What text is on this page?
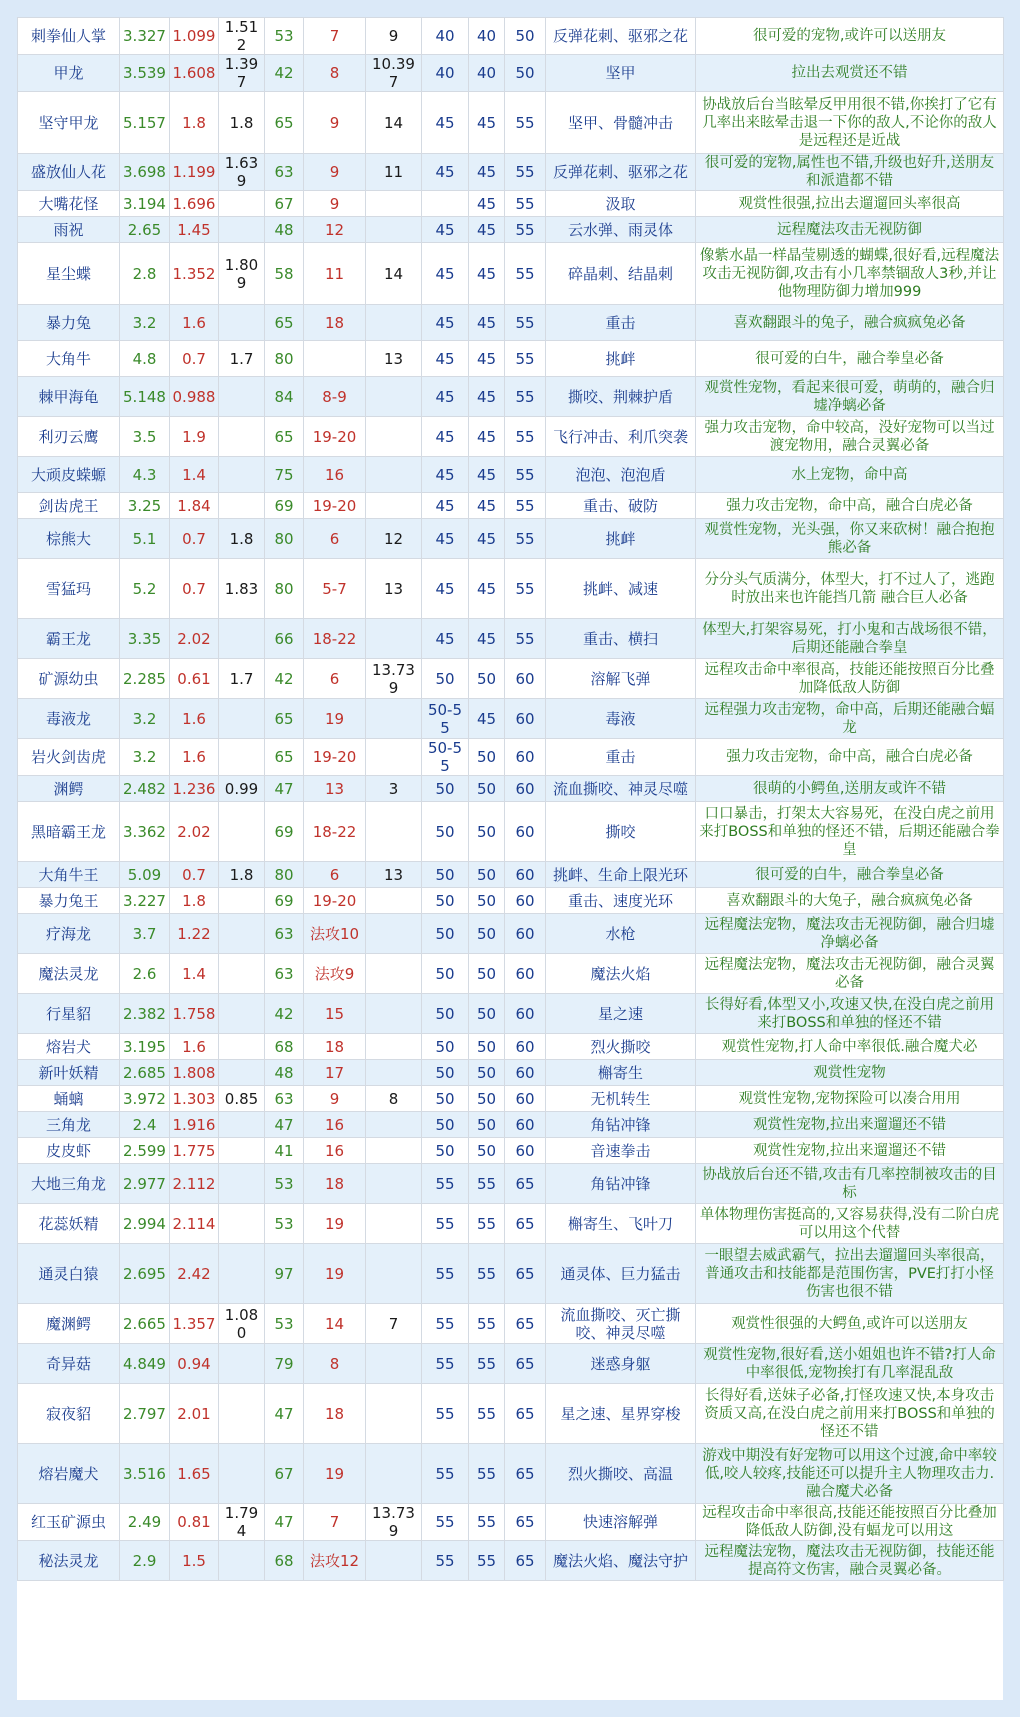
刺拳仙人掌	3.327	1.099	1.512	53	7	9	40	40	50	反弹花刺、驱邪之花	很可爱的宠物,或许可以送朋友
甲龙	3.539	1.608	1.397	42	8	10.397	40	40	50	坚甲	拉出去观赏还不错
坚守甲龙	5.157	1.8	1.8	65	9	14	45	45	55	坚甲、骨髓冲击	协战放后台当眩晕反甲用很不错,你挨打了它有几率出来眩晕击退一下你的敌人,不论你的敌人是远程还是近战
盛放仙人花	3.698	1.199	1.639	63	9	11	45	45	55	反弹花刺、驱邪之花	很可爱的宠物,属性也不错,升级也好升,送朋友和派遣都不错
大嘴花怪	3.194	1.696		67	9			45	55	汲取	观赏性很强,拉出去遛遛回头率很高
雨祝	2.65	1.45		48	12		45	45	55	云水弹、雨灵体	远程魔法攻击无视防御
星尘蝶	2.8	1.352	1.809	58	11	14	45	45	55	碎晶刺、结晶刺	像紫水晶一样晶莹剔透的蝴蝶,很好看,远程魔法攻击无视防御,攻击有小几率禁锢敌人3秒,并让他物理防御力增加999
暴力兔	3.2	1.6		65	18		45	45	55	重击	喜欢翻跟斗的兔子，融合疯疯兔必备
大角牛	4.8	0.7	1.7	80		13	45	45	55	挑衅	很可爱的白牛，融合拳皇必备
棘甲海龟	5.148	0.988		84	8-9		45	45	55	撕咬、荆棘护盾	观赏性宠物，看起来很可爱，萌萌的，融合归墟净螭必备
利刃云鹰	3.5	1.9		65	19-20		45	45	55	飞行冲击、利爪突袭	强力攻击宠物，命中较高，没好宠物可以当过渡宠物用，融合灵翼必备
大顽皮蝾螈	4.3	1.4		75	16		45	45	55	泡泡、泡泡盾	水上宠物，命中高
剑齿虎王	3.25	1.84		69	19-20		45	45	55	重击、破防	强力攻击宠物，命中高，融合白虎必备
棕熊大	5.1	0.7	1.8	80	6	12	45	45	55	挑衅	观赏性宠物，光头强，你又来砍树！融合抱抱熊必备
雪猛玛	5.2	0.7	1.83	80	5-7	13	45	45	55	挑衅、减速	分分头气质满分，体型大，打不过人了，逃跑时放出来也许能挡几箭 融合巨人必备
霸王龙	3.35	2.02		66	18-22		45	45	55	重击、横扫	体型大,打架容易死，打小鬼和古战场很不错，后期还能融合拳皇
矿源幼虫	2.285	0.61	1.7	42	6	13.739	50	50	60	溶解飞弹	远程攻击命中率很高，技能还能按照百分比叠加降低敌人防御
毒液龙	3.2	1.6		65	19		50-55	45	60	毒液	远程强力攻击宠物，命中高，后期还能融合蝠龙
岩火剑齿虎	3.2	1.6		65	19-20		50-55	50	60	重击	强力攻击宠物，命中高，融合白虎必备
渊鳄	2.482	1.236	0.99	47	13	3	50	50	60	流血撕咬、神灵尽噬	很萌的小鳄鱼,送朋友或许不错
黑暗霸王龙	3.362	2.02		69	18-22		50	50	60	撕咬	口口暴击，打架太大容易死，在没白虎之前用来打BOSS和单独的怪还不错，后期还能融合拳皇
大角牛王	5.09	0.7	1.8	80	6	13	50	50	60	挑衅、生命上限光环	很可爱的白牛，融合拳皇必备
暴力兔王	3.227	1.8		69	19-20		50	50	60	重击、速度光环	喜欢翻跟斗的大兔子，融合疯疯兔必备
疗海龙	3.7	1.22		63	法攻10		50	50	60	水枪	远程魔法宠物，魔法攻击无视防御，融合归墟净螭必备
魔法灵龙	2.6	1.4		63	法攻9		50	50	60	魔法火焰	远程魔法宠物，魔法攻击无视防御，融合灵翼必备
行星貂	2.382	1.758		42	15		50	50	60	星之速	长得好看,体型又小,攻速又快,在没白虎之前用来打BOSS和单独的怪还不错
熔岩犬	3.195	1.6		68	18		50	50	60	烈火撕咬	观赏性宠物,打人命中率很低.融合魔犬必
新叶妖精	2.685	1.808		48	17		50	50	60	槲寄生	观赏性宠物
蛹螭	3.972	1.303	0.85	63	9	8	50	50	60	无机转生	观赏性宠物,宠物探险可以凑合用用
三角龙	2.4	1.916		47	16		50	50	60	角钻冲锋	观赏性宠物,拉出来遛遛还不错
皮皮虾	2.599	1.775		41	16		50	50	60	音速拳击	观赏性宠物,拉出来遛遛还不错
大地三角龙	2.977	2.112		53	18		55	55	65	角钻冲锋	协战放后台还不错,攻击有几率控制被攻击的目标
花蕊妖精	2.994	2.114		53	19		55	55	65	槲寄生、飞叶刀	单体物理伤害挺高的,又容易获得,没有二阶白虎可以用这个代替
通灵白猿	2.695	2.42		97	19		55	55	65	通灵体、巨力猛击	一眼望去威武霸气，拉出去遛遛回头率很高，普通攻击和技能都是范围伤害，PVE打打小怪伤害也很不错
魔渊鳄	2.665	1.357	1.080	53	14	7	55	55	65	流血撕咬、灭亡撕咬、神灵尽噬	观赏性很强的大鳄鱼,或许可以送朋友
奇异菇	4.849	0.94		79	8		55	55	65	迷惑身躯	观赏性宠物,很好看,送小姐姐也许不错?打人命中率很低,宠物挨打有几率混乱敌
寂夜貂	2.797	2.01		47	18		55	55	65	星之速、星界穿梭	长得好看,送妹子必备,打怪攻速又快,本身攻击资质又高,在没白虎之前用来打BOSS和单独的怪还不错
熔岩魔犬	3.516	1.65		67	19		55	55	65	烈火撕咬、高温	游戏中期没有好宠物可以用这个过渡,命中率较低,咬人较疼,技能还可以提升主人物理攻击力.融合魔犬必备
红玉矿源虫	2.49	0.81	1.794	47	7	13.739	55	55	65	快速溶解弹	远程攻击命中率很高,技能还能按照百分比叠加降低敌人防御,没有蝠龙可以用这
秘法灵龙	2.9	1.5		68	法攻12		55	55	65	魔法火焰、魔法守护	远程魔法宠物，魔法攻击无视防御，技能还能提高符文伤害，融合灵翼必备。
